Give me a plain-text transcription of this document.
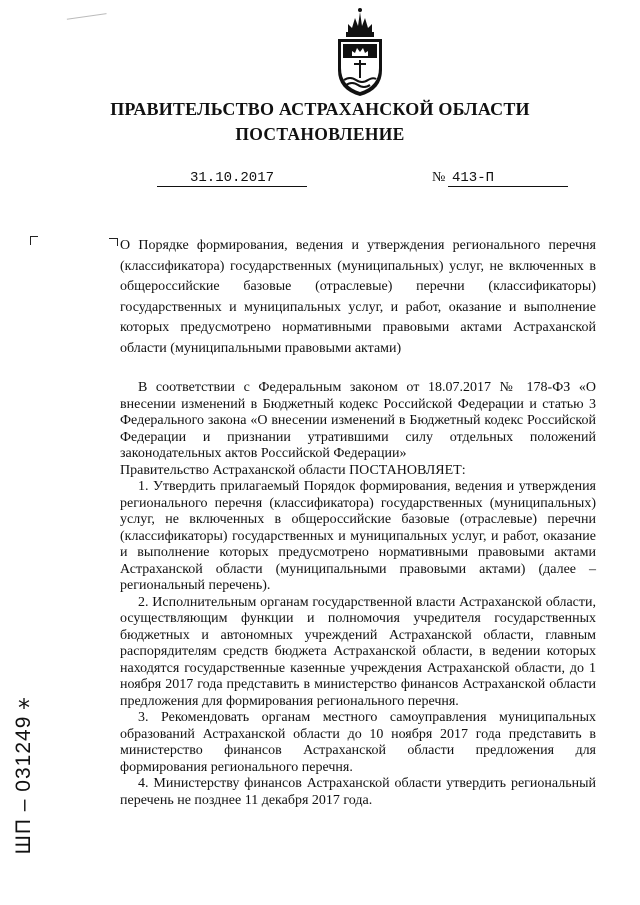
ПРАВИТЕЛЬСТВО АСТРАХАНСКОЙ ОБЛАСТИ
ПОСТАНОВЛЕНИЕ
31.10.2017	№ 413-П
О Порядке формирования, ведения и утверждения регионального перечня (классификатора) государственных (муниципальных) услуг, не включенных в общероссийские базовые (отраслевые) перечни (классификаторы) государственных и муниципальных услуг, и работ, оказание и выполнение которых предусмотрено нормативными правовыми актами Астраханской области (муниципальными правовыми актами)
В соответствии с Федеральным законом от 18.07.2017 № 178-ФЗ «О внесении изменений в Бюджетный кодекс Российской Федерации и статью 3 Федерального закона «О внесении изменений в Бюджетный кодекс Российской Федерации и признании утратившими силу отдельных положений законодательных актов Российской Федерации»
Правительство Астраханской области ПОСТАНОВЛЯЕТ:

1. Утвердить прилагаемый Порядок формирования, ведения и утверждения регионального перечня (классификатора) государственных (муниципальных) услуг, не включенных в общероссийские базовые (отраслевые) перечни (классификаторы) государственных и муниципальных услуг, и работ, оказание и выполнение которых предусмотрено нормативными правовыми актами Астраханской области (муниципальными правовыми актами) (далее – региональный перечень).

2. Исполнительным органам государственной власти Астраханской области, осуществляющим функции и полномочия учредителя государственных бюджетных и автономных учреждений Астраханской области, главным распорядителям средств бюджета Астраханской области, в ведении которых находятся государственные казенные учреждения Астраханской области, до 1 ноября 2017 года представить в министерство финансов Астраханской области предложения для формирования регионального перечня.

3. Рекомендовать органам местного самоуправления муниципальных образований Астраханской области до 10 ноября 2017 года представить в министерство финансов Астраханской области предложения для формирования регионального перечня.

4. Министерству финансов Астраханской области утвердить региональный перечень не позднее 11 декабря 2017 года.

*
ШП – 031249
